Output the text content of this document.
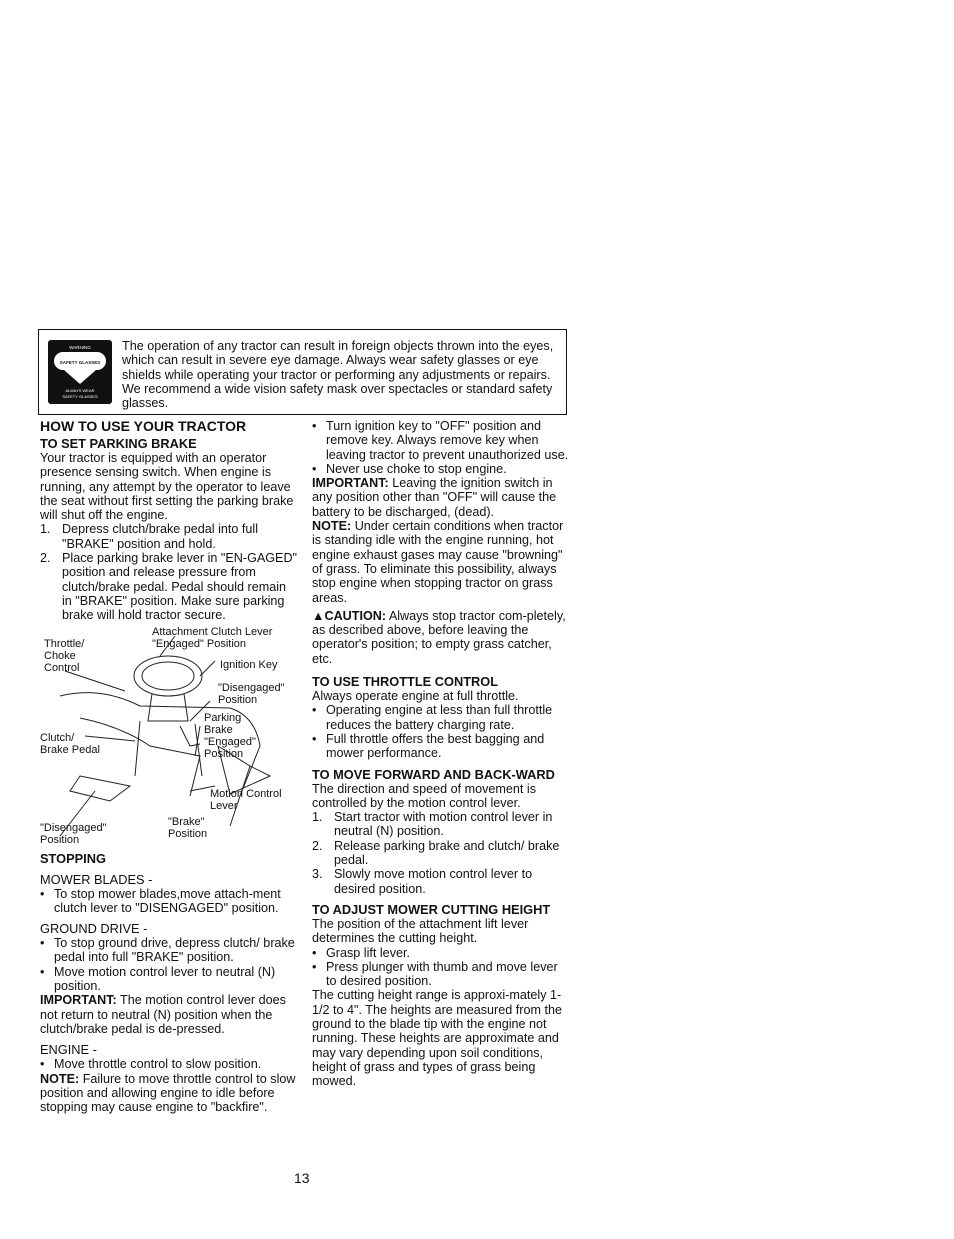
WARNING
SAFETY GLASSES
ALWAYS WEAR
SAFETY GLASSES
The operation of any tractor can result in foreign objects thrown into the eyes, which can result in severe eye damage. Always wear safety glasses or eye shields while operating your tractor or performing any adjustments or repairs. We recommend a wide vision safety mask over spectacles or standard safety glasses.

HOW TO USE YOUR TRACTOR

TO SET PARKING BRAKE

Your tractor is equipped with an operator presence sensing switch. When engine is running, any attempt by the operator to leave the seat without first setting the parking brake will shut off the engine.

1. Depress clutch/brake pedal into full "BRAKE" position and hold.

2. Place parking brake lever in "EN-GAGED" position and release pressure from clutch/brake pedal. Pedal should remain in "BRAKE" position. Make sure parking brake will hold tractor secure.

Attachment Clutch Lever
"Engaged" Position
Throttle/
Choke
Control	Ignition Key
"Disengaged"
Position
Parking
Brake
"Engaged"
Position
Clutch/
Brake Pedal
Motion Control
Lever
"Disengaged"
Position
"Brake"
Position

STOPPING

MOWER BLADES -

• To stop mower blades,move attach-ment clutch lever to "DISENGAGED" position.

GROUND DRIVE -

• To stop ground drive, depress clutch/ brake pedal into full "BRAKE" position.

• Move motion control lever to neutral (N) position.

IMPORTANT: The motion control lever does not return to neutral (N) position when the clutch/brake pedal is de-pressed.

ENGINE -

• Move throttle control to slow position.

NOTE: Failure to move throttle control to slow position and allowing engine to idle before stopping may cause engine to "backfire".

• Turn ignition key to "OFF" position and remove key. Always remove key when leaving tractor to prevent unauthorized use.

• Never use choke to stop engine.

IMPORTANT: Leaving the ignition switch in any position other than "OFF" will cause the battery to be discharged, (dead).

NOTE: Under certain conditions when tractor is standing idle with the engine running, hot engine exhaust gases may cause "browning" of grass. To eliminate this possibility, always stop engine when stopping tractor on grass areas.

▲CAUTION: Always stop tractor com-pletely, as described above, before leaving the operator's position; to empty grass catcher, etc.

TO USE THROTTLE CONTROL

Always operate engine at full throttle.

• Operating engine at less than full throttle reduces the battery charging rate.

• Full throttle offers the best bagging and mower performance.

TO MOVE FORWARD AND BACK-WARD

The direction and speed of movement is controlled by the motion control lever.

1. Start tractor with motion control lever in neutral (N) position.

2. Release parking brake and clutch/ brake pedal.

3. Slowly move motion control lever to desired position.

TO ADJUST MOWER CUTTING HEIGHT

The position of the attachment lift lever determines the cutting height.

• Grasp lift lever.

• Press plunger with thumb and move lever to desired position.

The cutting height range is approxi-mately 1-1/2 to 4". The heights are measured from the ground to the blade tip with the engine not running. These heights are approximate and may vary depending upon soil conditions, height of grass and types of grass being mowed.

13
